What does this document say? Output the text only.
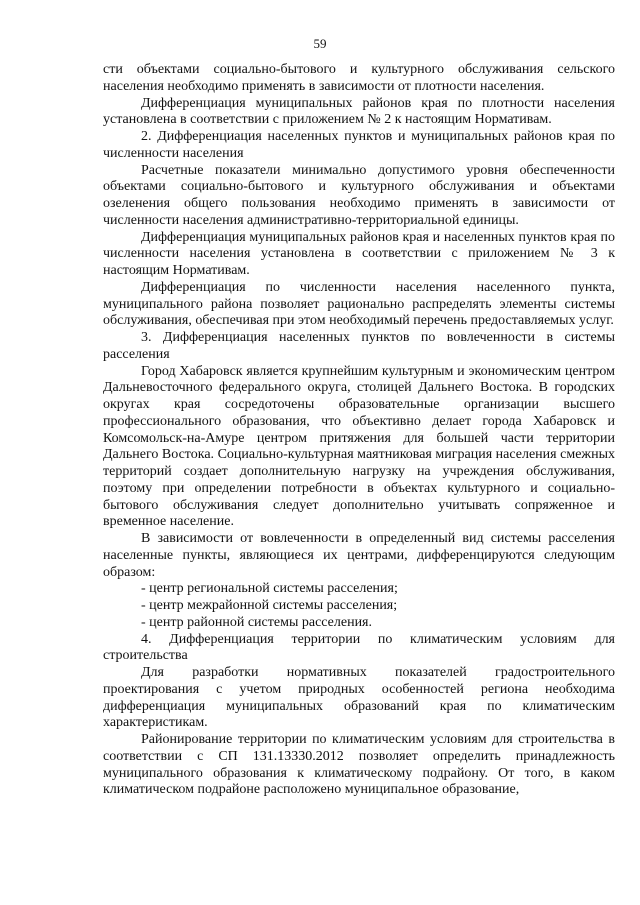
59

сти объектами социально-бытового и культурного обслуживания сельского населения необходимо применять в зависимости от плотности населения.

Дифференциация муниципальных районов края по плотности населения установлена в соответствии с приложением № 2 к настоящим Нормативам.

2. Дифференциация населенных пунктов и муниципальных районов края по численности населения

Расчетные показатели минимально допустимого уровня обеспеченности объектами социально-бытового и культурного обслуживания и объектами озеленения общего пользования необходимо применять в зависимости от численности населения административно-территориальной единицы.

Дифференциация муниципальных районов края и населенных пунктов края по численности населения установлена в соответствии с приложением № 3 к настоящим Нормативам.

Дифференциация по численности населения населенного пункта, муниципального района позволяет рационально распределять элементы системы обслуживания, обеспечивая при этом необходимый перечень предоставляемых услуг.

3. Дифференциация населенных пунктов по вовлеченности в системы расселения

Город Хабаровск является крупнейшим культурным и экономическим центром Дальневосточного федерального округа, столицей Дальнего Востока. В городских округах края сосредоточены образовательные организации высшего профессионального образования, что объективно делает города Хабаровск и Комсомольск-на-Амуре центром притяжения для большей части территории Дальнего Востока. Социально-культурная маятниковая миграция населения смежных территорий создает дополнительную нагрузку на учреждения обслуживания, поэтому при определении потребности в объектах культурного и социально-бытового обслуживания следует дополнительно учитывать сопряженное и временное население.

В зависимости от вовлеченности в определенный вид системы расселения населенные пункты, являющиеся их центрами, дифференцируются следующим образом:

- центр региональной системы расселения;

- центр межрайонной системы расселения;

- центр районной системы расселения.

4. Дифференциация территории по климатическим условиям для строительства

Для разработки нормативных показателей градостроительного проектирования с учетом природных особенностей региона необходима дифференциация муниципальных образований края по климатическим характеристикам.

Районирование территории по климатическим условиям для строительства в соответствии с СП 131.13330.2012 позволяет определить принадлежность муниципального образования к климатическому подрайону. От того, в каком климатическом подрайоне расположено муниципальное образование,
